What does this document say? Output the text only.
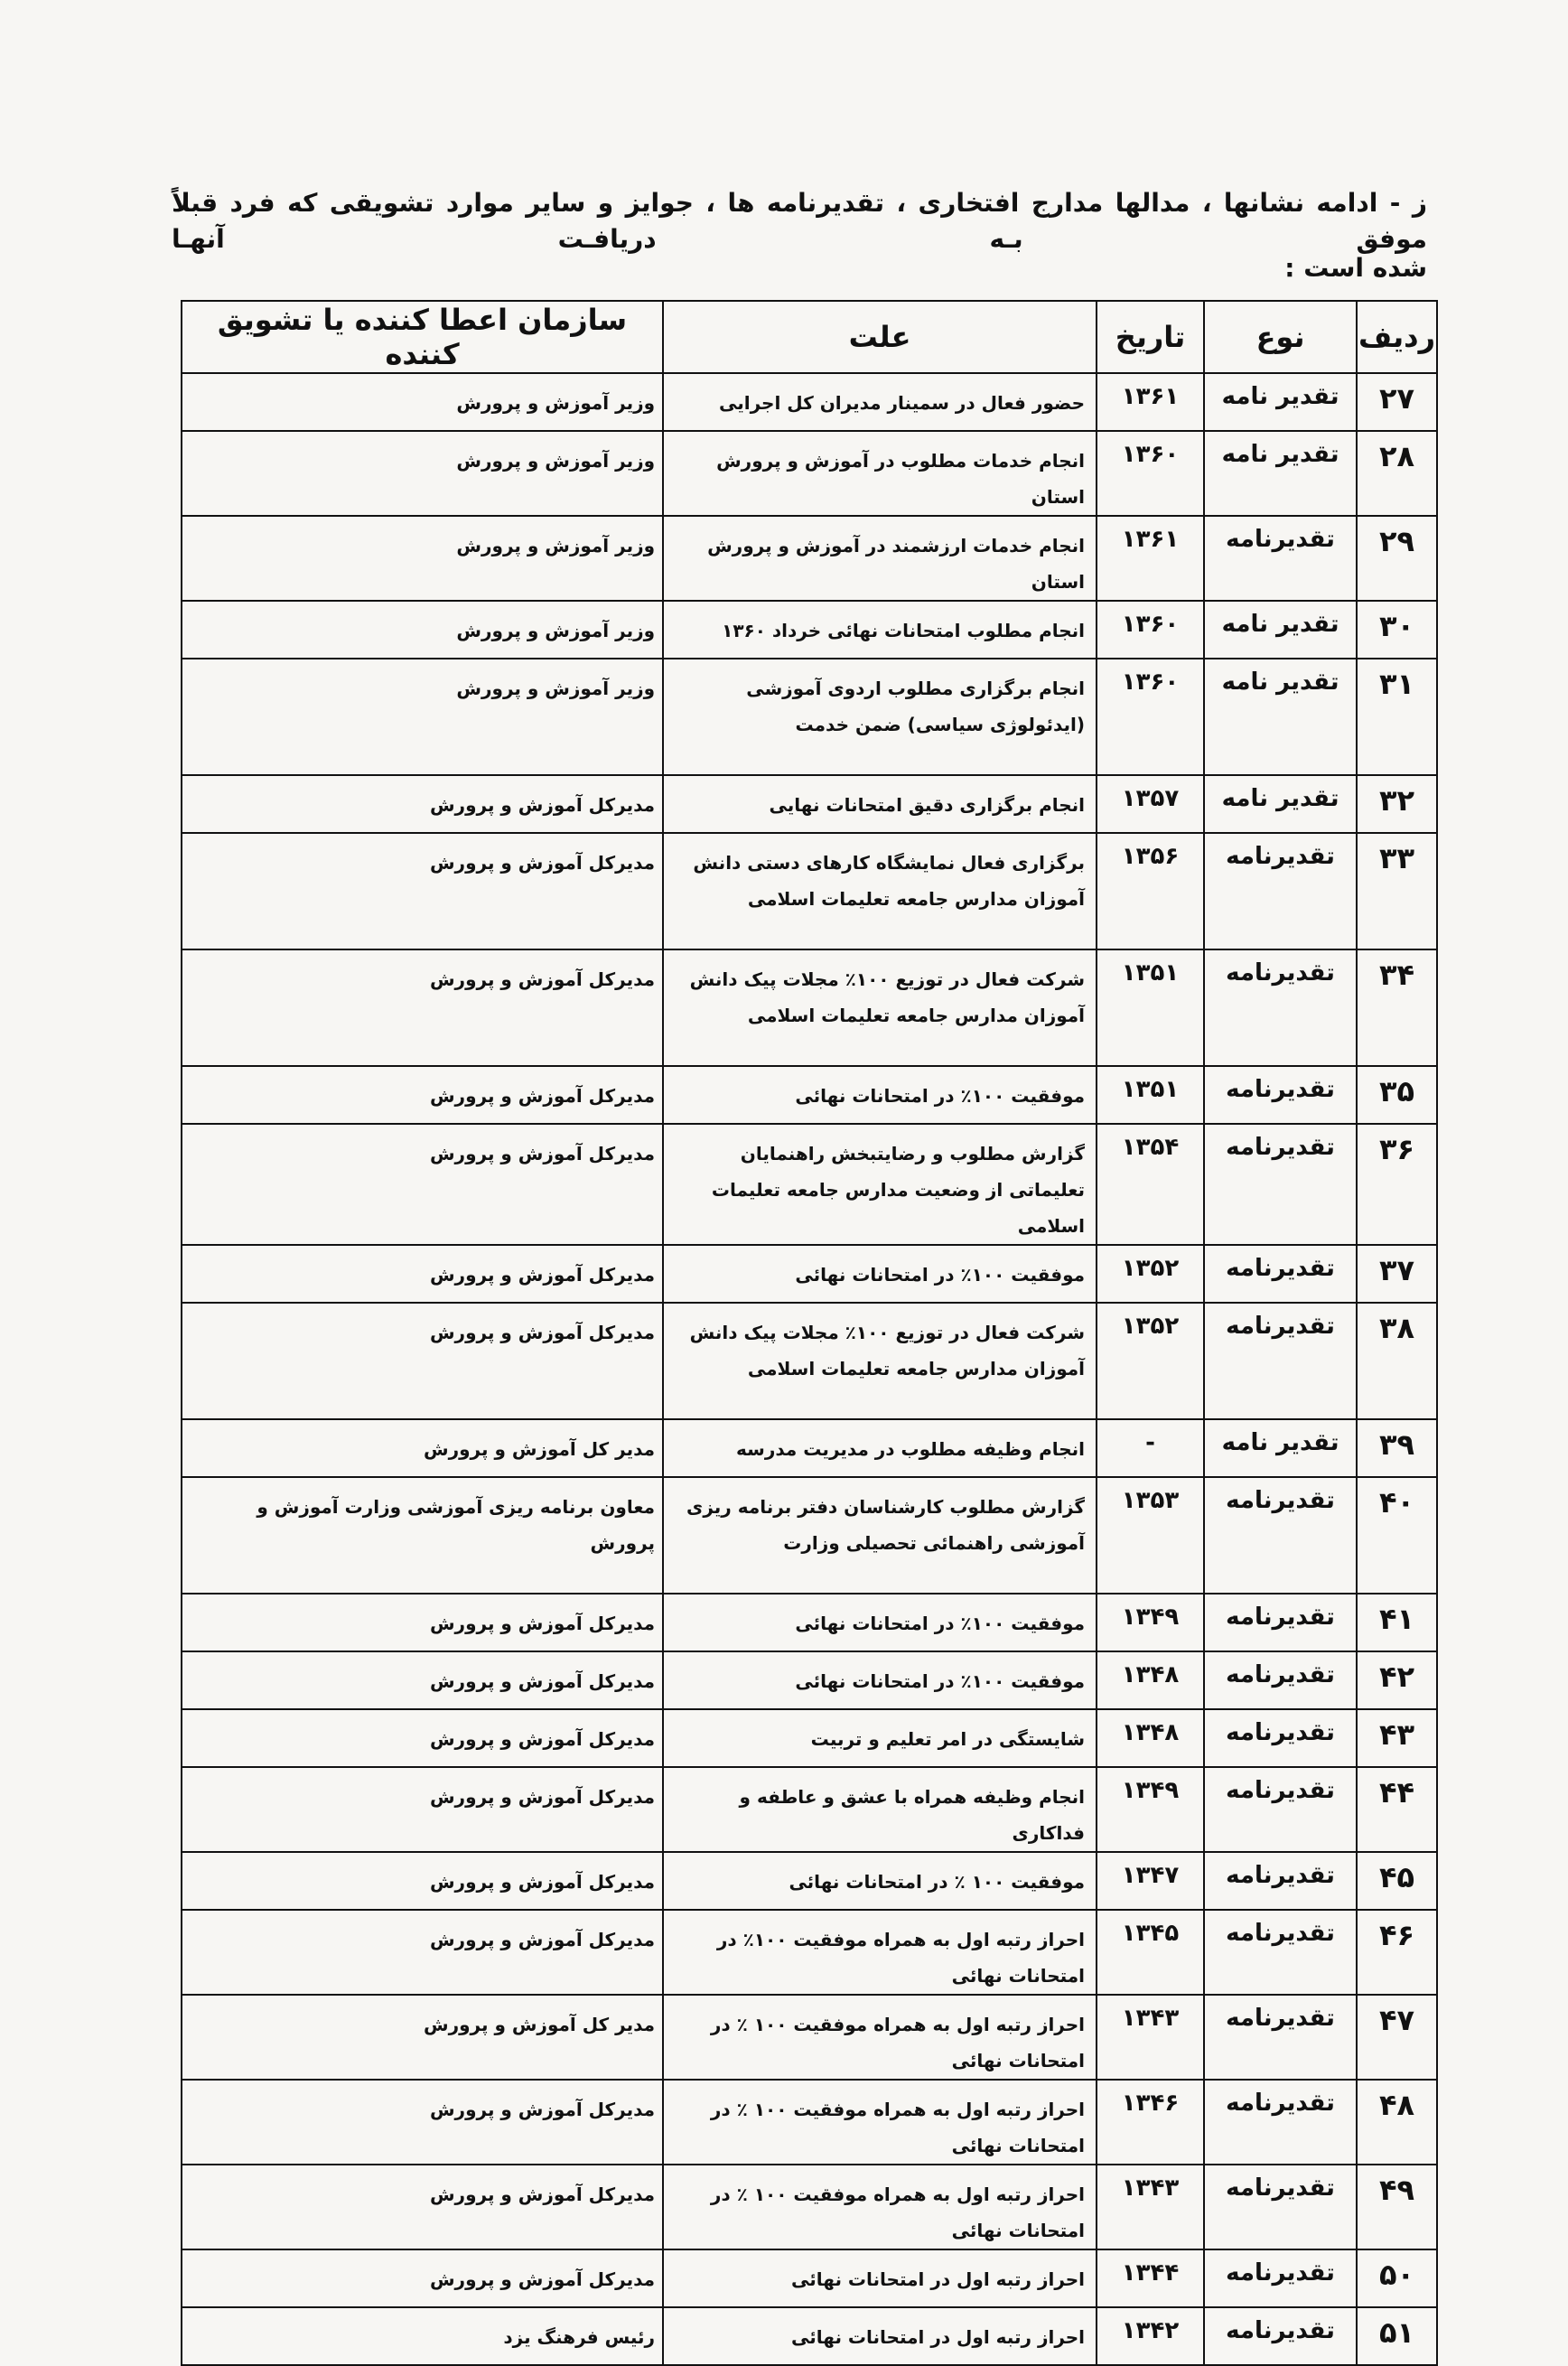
ز - ادامه نشانها ، مدالها مدارج افتخاری ، تقدیرنامه ها ، جوایز و سایر موارد تشویقی که فرد قبلاً موفق بـه دریافـت آنهـا
شده است :
ردیف	نوع	تاریخ	علت	سازمان اعطا کننده یا تشویق کننده
۲۷	تقدیر نامه	۱۳۶۱	حضور فعال در سمینار مدیران کل اجرایی	وزیر آموزش و پرورش
۲۸	تقدیر نامه	۱۳۶۰	انجام خدمات مطلوب در آموزش و پرورش استان	وزیر آموزش و پرورش
۲۹	تقدیرنامه	۱۳۶۱	انجام خدمات ارزشمند در آموزش و پرورش استان	وزیر آموزش و پرورش
۳۰	تقدیر نامه	۱۳۶۰	انجام مطلوب امتحانات نهائی خرداد ۱۳۶۰	وزیر آموزش و پرورش
۳۱	تقدیر نامه	۱۳۶۰	انجام برگزاری مطلوب اردوی آموزشی (ایدئولوژی سیاسی) ضمن خدمت	وزیر آموزش و پرورش
۳۲	تقدیر نامه	۱۳۵۷	انجام برگزاری دقیق امتحانات نهایی	مدیرکل آموزش و پرورش
۳۳	تقدیرنامه	۱۳۵۶	برگزاری فعال نمایشگاه کارهای دستی دانش آموزان مدارس جامعه تعلیمات اسلامی	مدیرکل آموزش و پرورش
۳۴	تقدیرنامه	۱۳۵۱	شرکت فعال در توزیع ۱۰۰٪ مجلات پیک دانش آموزان مدارس جامعه تعلیمات اسلامی	مدیرکل آموزش و پرورش
۳۵	تقدیرنامه	۱۳۵۱	موفقیت ۱۰۰٪ در امتحانات نهائی	مدیرکل آموزش و پرورش
۳۶	تقدیرنامه	۱۳۵۴	گزارش مطلوب و رضایتبخش راهنمایان تعلیماتی از وضعیت مدارس جامعه تعلیمات اسلامی	مدیرکل آموزش و پرورش
۳۷	تقدیرنامه	۱۳۵۲	موفقیت ۱۰۰٪ در امتحانات نهائی	مدیرکل آموزش و پرورش
۳۸	تقدیرنامه	۱۳۵۲	شرکت فعال در توزیع ۱۰۰٪ مجلات پیک دانش آموزان مدارس جامعه تعلیمات اسلامی	مدیرکل آموزش و پرورش
۳۹	تقدیر نامه	-	انجام وظیفه مطلوب در مدیریت مدرسه	مدیر کل آموزش و پرورش
۴۰	تقدیرنامه	۱۳۵۳	گزارش مطلوب کارشناسان دفتر برنامه ریزی آموزشی راهنمائی تحصیلی وزارت	معاون برنامه ریزی آموزشی وزارت آموزش و پرورش
۴۱	تقدیرنامه	۱۳۴۹	موفقیت ۱۰۰٪ در امتحانات نهائی	مدیرکل آموزش و پرورش
۴۲	تقدیرنامه	۱۳۴۸	موفقیت ۱۰۰٪ در امتحانات نهائی	مدیرکل آموزش و پرورش
۴۳	تقدیرنامه	۱۳۴۸	شایستگی در امر تعلیم و تربیت	مدیرکل آموزش و پرورش
۴۴	تقدیرنامه	۱۳۴۹	انجام وظیفه همراه با عشق و عاطفه و فداکاری	مدیرکل آموزش و پرورش
۴۵	تقدیرنامه	۱۳۴۷	موفقیت ۱۰۰ ٪ در امتحانات نهائی	مدیرکل آموزش و پرورش
۴۶	تقدیرنامه	۱۳۴۵	احراز رتبه اول به همراه موفقیت ۱۰۰٪ در امتحانات نهائی	مدیرکل آموزش و پرورش
۴۷	تقدیرنامه	۱۳۴۳	احراز رتبه اول به همراه موفقیت ۱۰۰ ٪ در امتحانات نهائی	مدیر کل آموزش و پرورش
۴۸	تقدیرنامه	۱۳۴۶	احراز رتبه اول به همراه موفقیت ۱۰۰ ٪ در امتحانات نهائی	مدیرکل آموزش و پرورش
۴۹	تقدیرنامه	۱۳۴۳	احراز رتبه اول به همراه موفقیت ۱۰۰ ٪ در امتحانات نهائی	مدیرکل آموزش و پرورش
۵۰	تقدیرنامه	۱۳۴۴	احراز رتبه اول در امتحانات نهائی	مدیرکل آموزش و پرورش
۵۱	تقدیرنامه	۱۳۴۲	احراز رتبه اول در امتحانات نهائی	رئیس فرهنگ یزد
